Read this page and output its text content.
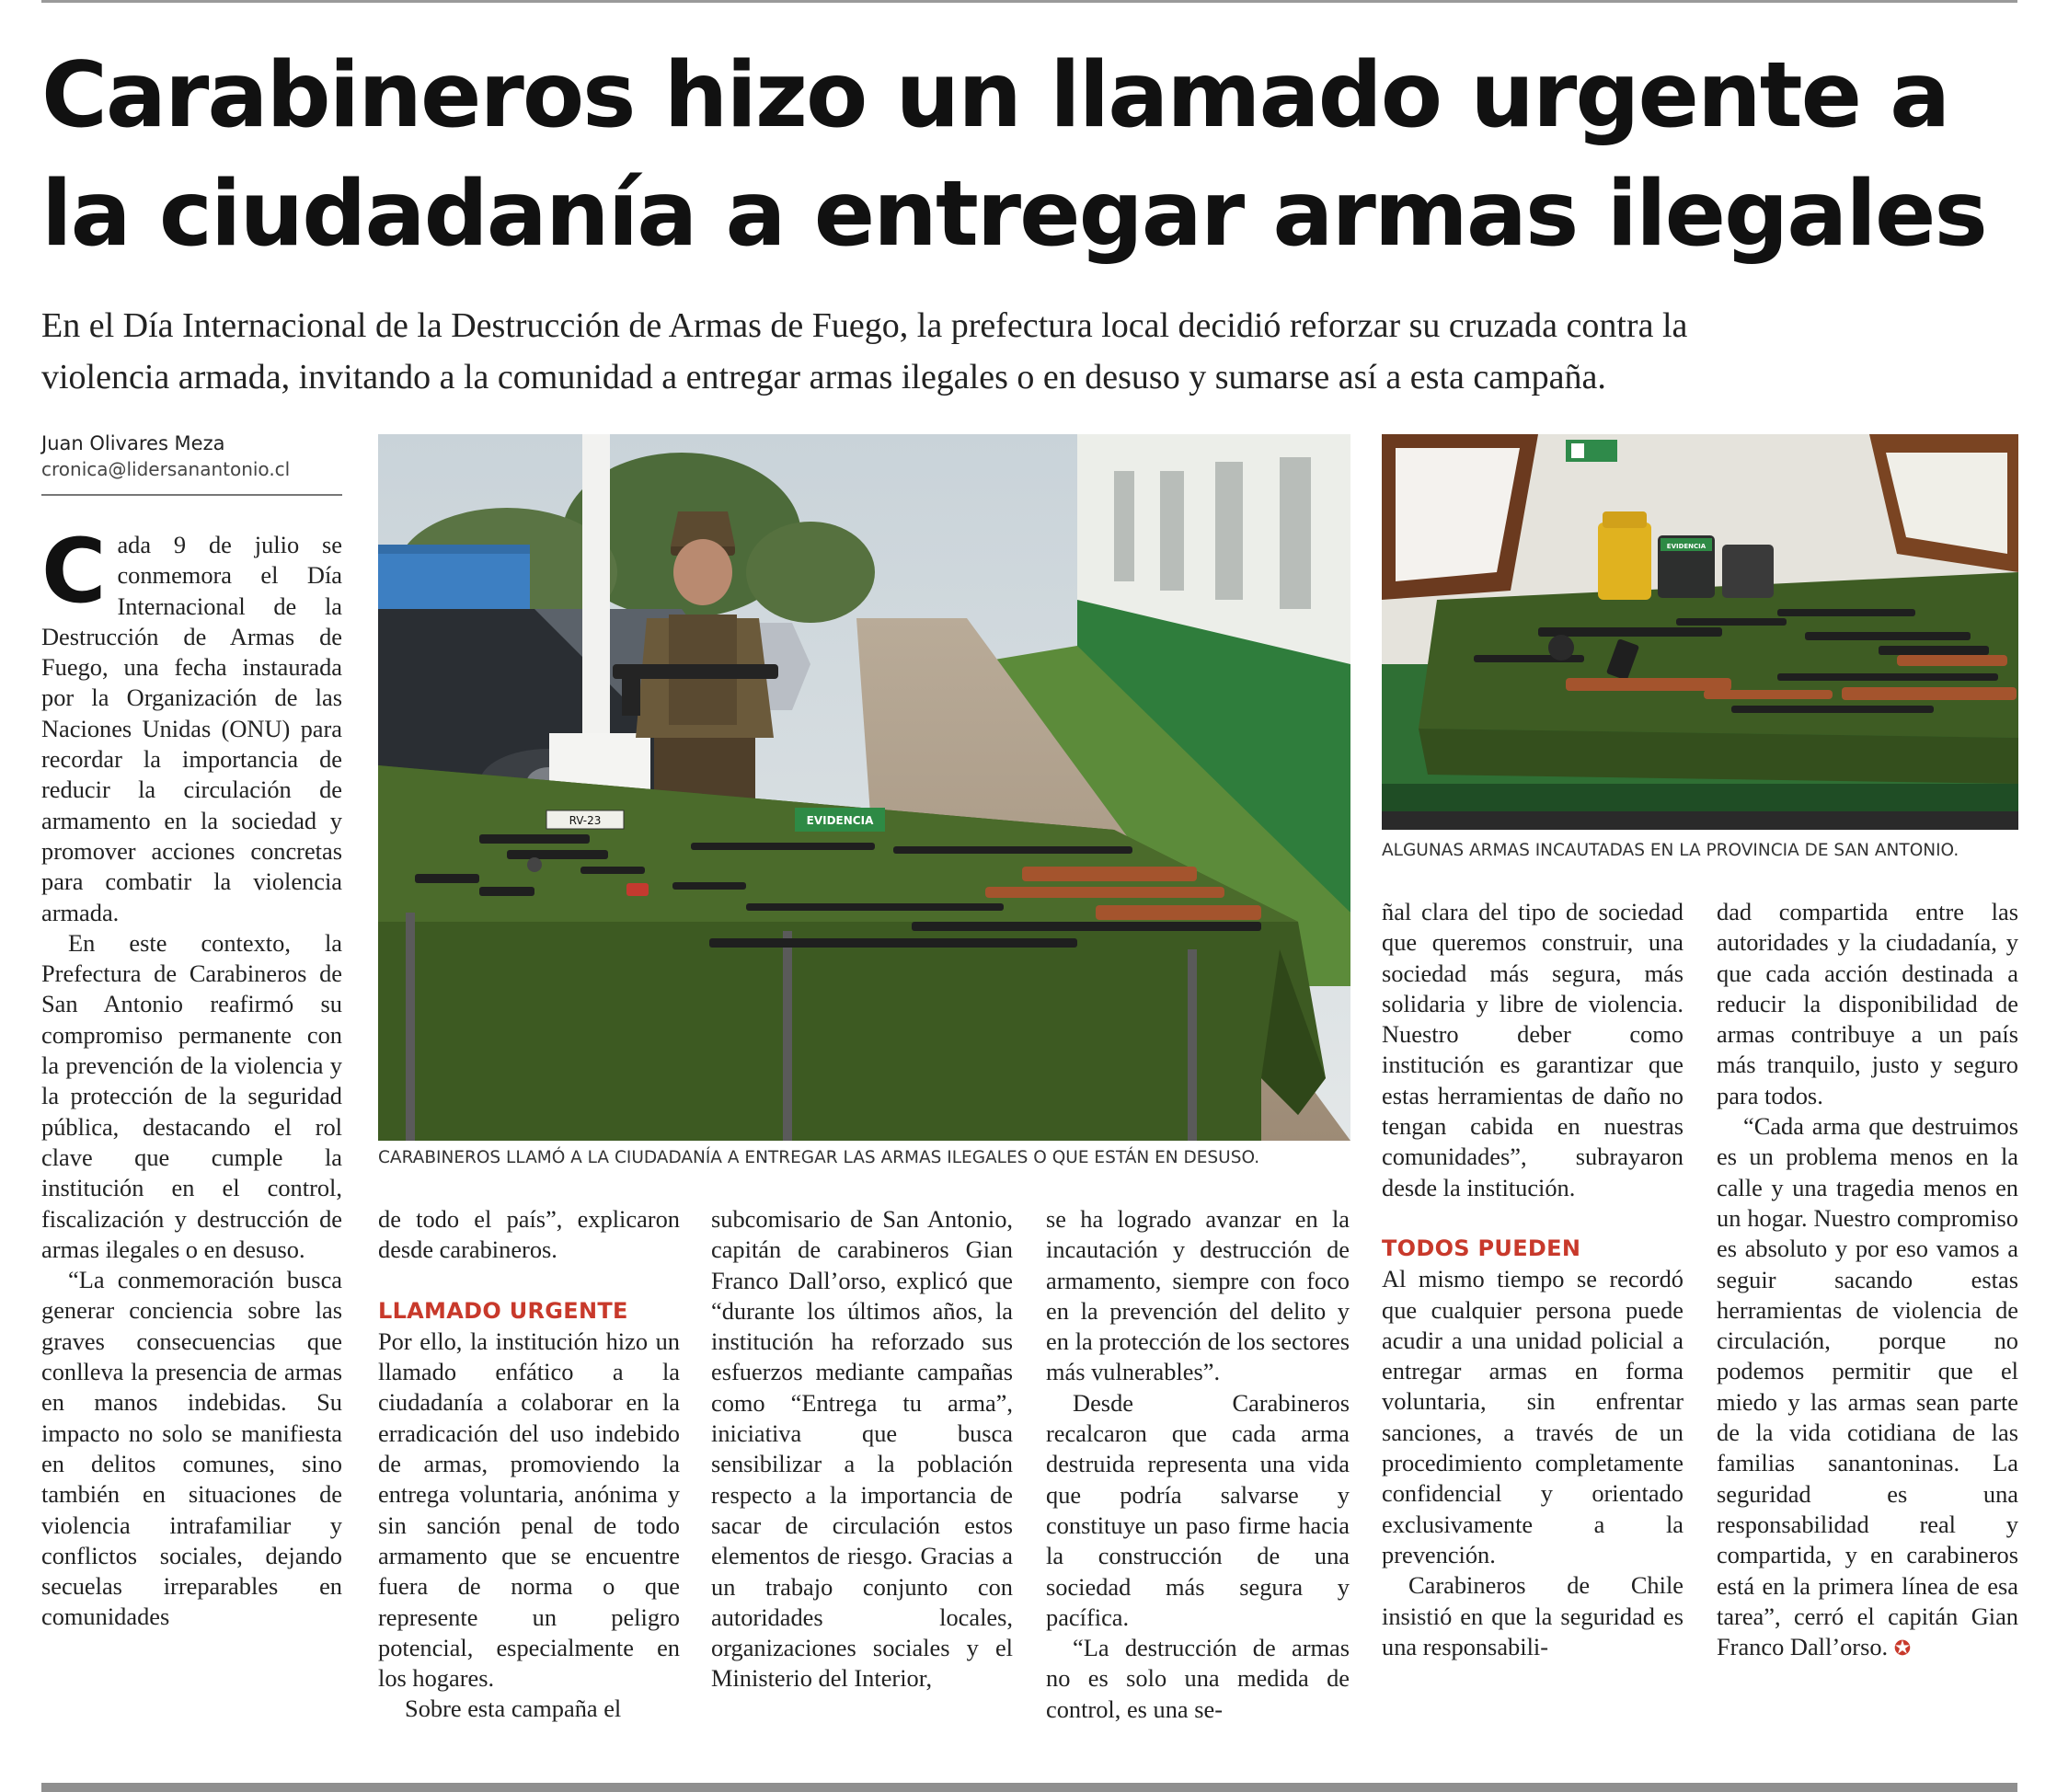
Carabineros hizo un llamado urgente a
la ciudadanía a entregar armas ilegales
En el Día Internacional de la Destrucción de Armas de Fuego, la prefectura local decidió reforzar su cruzada contra la
violencia armada, invitando a la comunidad a entregar armas ilegales o en desuso y sumarse así a esta campaña.
Juan Olivares Meza
cronica@lidersanantonio.cl
EVIDENCIA
RV-23
CARABINEROS LLAMÓ A LA CIUDADANÍA A ENTREGAR LAS ARMAS ILEGALES O QUE ESTÁN EN DESUSO.
EVIDENCIA
ALGUNAS ARMAS INCAUTADAS EN LA PROVINCIA DE SAN ANTONIO.

Cada 9 de julio se conmemora el Día Internacional de la Destrucción de Armas de Fuego, una fecha instaurada por la Organización de las Naciones Unidas (ONU) para recordar la importancia de reducir la circulación de armamento en la sociedad y promover acciones concretas para combatir la violencia armada.

En este contexto, la Prefectura de Carabineros de San Antonio reafirmó su compromiso permanente con la prevención de la violencia y la protección de la seguridad pública, destacando el rol clave que cumple la institución en el control, fiscalización y destrucción de armas ilegales o en desuso.

“La conmemoración busca generar conciencia sobre las graves consecuencias que conlleva la presencia de armas en manos indebidas. Su impacto no solo se manifiesta en delitos comunes, sino también en situaciones de violencia intrafamiliar y conflictos sociales, dejando secuelas irreparables en comunidades

de todo el país”, explicaron desde carabineros.

LLAMADO URGENTE

Por ello, la institución hizo un llamado enfático a la ciudadanía a colaborar en la erradicación del uso indebido de armas, promoviendo la entrega voluntaria, anónima y sin sanción penal de todo armamento que se encuentre fuera de norma o que represente un peligro potencial, especialmente en los hogares.

Sobre esta campaña el

subcomisario de San Antonio, capitán de carabineros Gian Franco Dall’orso, explicó que “durante los últimos años, la institución ha reforzado sus esfuerzos mediante campañas como “Entrega tu arma”, iniciativa que busca sensibilizar a la población respecto a la importancia de sacar de circulación estos elementos de riesgo. Gracias a un trabajo conjunto con autoridades locales, organizaciones sociales y el Ministerio del Interior,

se ha logrado avanzar en la incautación y destrucción de armamento, siempre con foco en la prevención del delito y en la protección de los sectores más vulnerables”.

Desde Carabineros recalcaron que cada arma destruida representa una vida que podría salvarse y constituye un paso firme hacia la construcción de una sociedad más segura y pacífica.

“La destrucción de armas no es solo una medida de control, es una se-

ñal clara del tipo de sociedad que queremos construir, una sociedad más segura, más solidaria y libre de violencia. Nuestro deber como institución es garantizar que estas herramientas de daño no tengan cabida en nuestras comunidades”, subrayaron desde la institución.

TODOS PUEDEN

Al mismo tiempo se recordó que cualquier persona puede acudir a una unidad policial a entregar armas en forma voluntaria, sin enfrentar sanciones, a través de un procedimiento completamente confidencial y orientado exclusivamente a la prevención.

Carabineros de Chile insistió en que la seguridad es una responsabili-

dad compartida entre las autoridades y la ciudadanía, y que cada acción destinada a reducir la disponibilidad de armas contribuye a un país más tranquilo, justo y seguro para todos.

“Cada arma que destruimos es un problema menos en la calle y una tragedia menos en un hogar. Nuestro compromiso es absoluto y por eso vamos a seguir sacando estas herramientas de violencia de circulación, porque no podemos permitir que el miedo y las armas sean parte de la vida cotidiana de las familias sanantoninas. La seguridad es una responsabilidad real y compartida, y en carabineros está en la primera línea de esa tarea”, cerró el capitán Gian Franco Dall’orso. ✪
